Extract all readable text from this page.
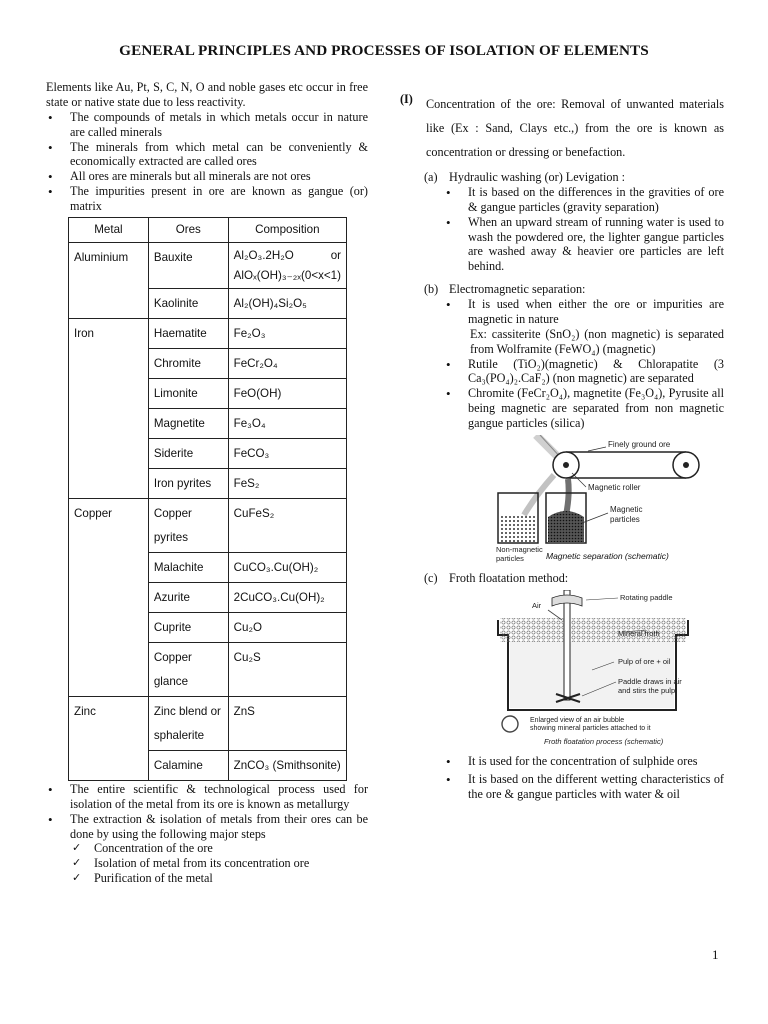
GENERAL PRINCIPLES AND PROCESSES OF ISOLATION OF ELEMENTS

Elements like Au, Pt, S, C, N, O and noble gases etc occur in free state or native state due to less reactivity.

• The compounds of metals in which metals occur in nature are called minerals
• The minerals from which metal can be conveniently & economically extracted are called ores
• All ores are minerals but all minerals are not ores
• The impurities present in ore are known as gangue (or) matrix
Metal	Ores	Composition
Aluminium	Bauxite	Al₂O₃.2H₂O or
AlOₓ(OH)₃₋₂ₓ(0<x<1)

	Kaolinite	Al₂(OH)₄Si₂O₅
Iron	Haematite	Fe₂O₃
	Chromite	FeCr₂O₄
	Limonite	FeO(OH)
	Magnetite	Fe₃O₄
	Siderite	FeCO₃
	Iron pyrites	FeS₂
Copper	Copper pyrites	CuFeS₂
	Malachite	CuCO₃.Cu(OH)₂
	Azurite	2CuCO₃.Cu(OH)₂
	Cuprite	Cu₂O
	Copper glance	Cu₂S
Zinc	Zinc blend or sphalerite	ZnS
	Calamine	ZnCO₃ (Smithsonite)
• The entire scientific & technological process used for isolation of the metal from its ore is known as metallurgy
• The extraction & isolation of metals from their ores can be done by using the following major steps
✓ Concentration of the ore
✓ Isolation of metal from its concentration ore
✓ Purification of the metal
(I)	Concentration of the ore: Removal of unwanted materials like (Ex : Sand, Clays etc.,) from the ore is known as concentration or dressing or benefaction.
(a) Hydraulic washing (or) Levigation :
• It is based on the differences in the gravities of ore & gangue particles (gravity separation)
• When an upward stream of running water is used to wash the powdered ore, the lighter gangue particles are washed away & heavier ore particles are left behind.
(b) Electromagnetic separation:
• It is used when either the ore or impurities are magnetic in nature

Ex: cassiterite (SnO₂) (non magnetic) is separated from Wolframite (FeWO₄) (magnetic)

• Rutile (TiO₂)(magnetic) & Chlorapatite (3 Ca₃(PO₄)₂.CaF₂) (non magnetic) are separated
• Chromite (FeCr₂O₄), magnetite (Fe₃O₄), Pyrusite all being magnetic are separated from non magnetic gangue particles (silica)
Finely ground ore
Magnetic roller
Magnetic
particles
Non-magnetic
particles	Magnetic separation (schematic)
(c) Froth floatation method:
Air
Rotating paddle
Mineral froth
Pulp of ore + oil
Paddle draws in air
and stirs the pulp
Enlarged view of an air bubble
showing mineral particles attached to it
Froth floatation process (schematic)
• It is used for the concentration of sulphide ores
• It is based on the different wetting characteristics of the ore & gangue particles with water & oil
1
